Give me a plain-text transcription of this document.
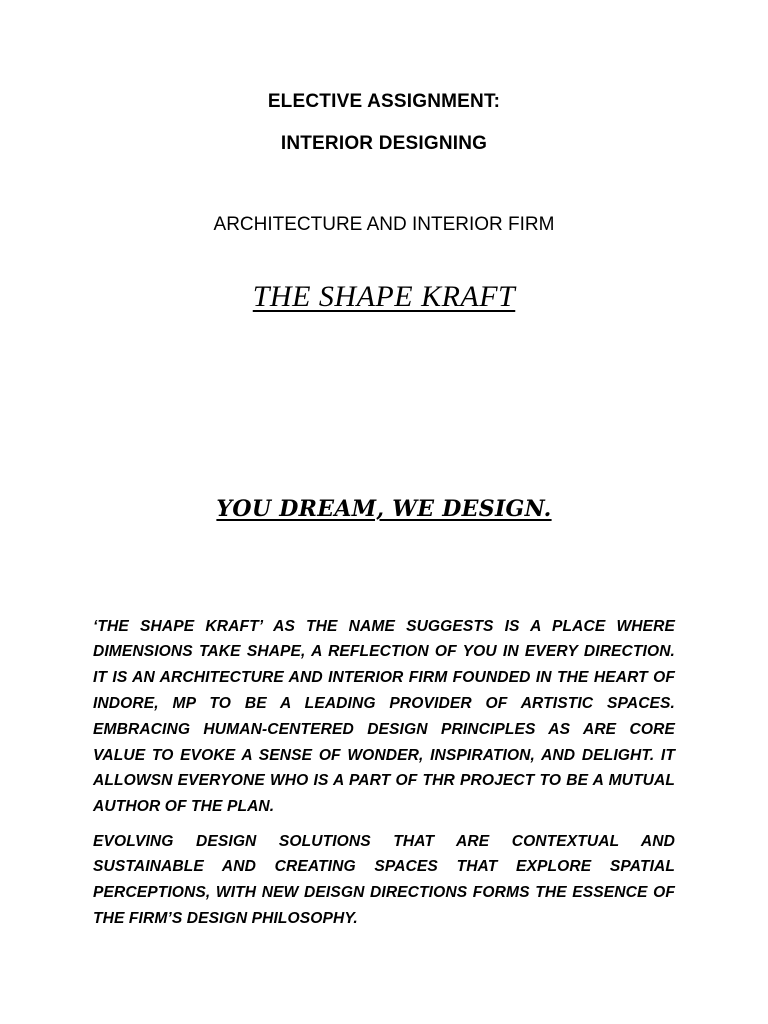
ELECTIVE ASSIGNMENT:
INTERIOR DESIGNING
ARCHITECTURE AND INTERIOR FIRM
THE SHAPE KRAFT
YOU DREAM, WE DESIGN.

‘THE SHAPE KRAFT’ AS THE NAME SUGGESTS IS A PLACE WHERE DIMENSIONS TAKE SHAPE, A REFLECTION OF YOU IN EVERY DIRECTION. IT IS AN ARCHITECTURE AND INTERIOR FIRM FOUNDED IN THE HEART OF INDORE, MP TO BE A LEADING PROVIDER OF ARTISTIC SPACES. EMBRACING HUMAN-CENTERED DESIGN PRINCIPLES AS ARE CORE VALUE TO EVOKE A SENSE OF WONDER, INSPIRATION, AND DELIGHT. IT ALLOWSN EVERYONE WHO IS A PART OF THR PROJECT TO BE A MUTUAL AUTHOR OF THE PLAN.

EVOLVING DESIGN SOLUTIONS THAT ARE CONTEXTUAL AND SUSTAINABLE AND CREATING SPACES THAT EXPLORE SPATIAL PERCEPTIONS, WITH NEW DEISGN DIRECTIONS FORMS THE ESSENCE OF THE FIRM’S DESIGN PHILOSOPHY.
